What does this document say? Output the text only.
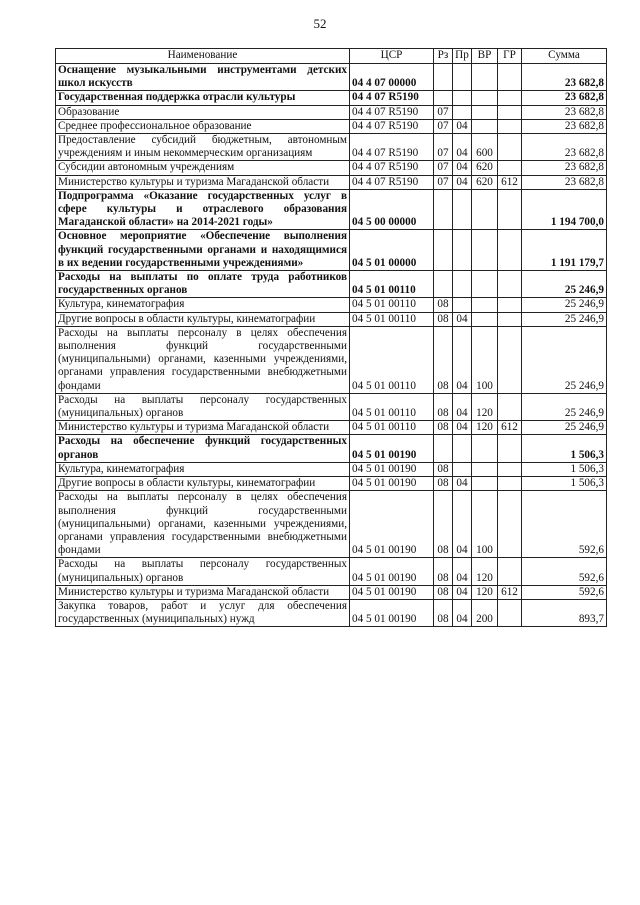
52
Наименование	ЦСР	Рз	Пр	ВР	ГР	Сумма
Оснащение музыкальными инструментами детских школ искусств	04 4 07 00000					23 682,8
Государственная поддержка отрасли культуры	04 4 07 R5190					23 682,8
Образование	04 4 07 R5190	07				23 682,8
Среднее профессиональное образование	04 4 07 R5190	07	04			23 682,8
Предоставление субсидий бюджетным, автономным учреждениям и иным некоммерческим организациям	04 4 07 R5190	07	04	600		23 682,8
Субсидии автономным учреждениям	04 4 07 R5190	07	04	620		23 682,8
Министерство культуры и туризма Магаданской области	04 4 07 R5190	07	04	620	612	23 682,8
Подпрограмма «Оказание государственных услуг в сфере культуры и отраслевого образования Магаданской области» на 2014-2021 годы»	04 5 00 00000					1 194 700,0
Основное мероприятие «Обеспечение выполнения функций государственными органами и находящимися в их ведении государственными учреждениями»	04 5 01 00000					1 191 179,7
Расходы на выплаты по оплате труда работников государственных органов	04 5 01 00110					25 246,9
Культура, кинематография	04 5 01 00110	08				25 246,9
Другие вопросы в области культуры, кинематографии	04 5 01 00110	08	04			25 246,9
Расходы на выплаты персоналу в целях обеспечения выполнения функций государственными (муниципальными) органами, казенными учреждениями, органами управления государственными внебюджетными фондами	04 5 01 00110	08	04	100		25 246,9
Расходы на выплаты персоналу государственных (муниципальных) органов	04 5 01 00110	08	04	120		25 246,9
Министерство культуры и туризма Магаданской области	04 5 01 00110	08	04	120	612	25 246,9
Расходы на обеспечение функций государственных органов	04 5 01 00190					1 506,3
Культура, кинематография	04 5 01 00190	08				1 506,3
Другие вопросы в области культуры, кинематографии	04 5 01 00190	08	04			1 506,3
Расходы на выплаты персоналу в целях обеспечения выполнения функций государственными (муниципальными) органами, казенными учреждениями, органами управления государственными внебюджетными фондами	04 5 01 00190	08	04	100		592,6
Расходы на выплаты персоналу государственных (муниципальных) органов	04 5 01 00190	08	04	120		592,6
Министерство культуры и туризма Магаданской области	04 5 01 00190	08	04	120	612	592,6
Закупка товаров, работ и услуг для обеспечения государственных (муниципальных) нужд	04 5 01 00190	08	04	200		893,7
